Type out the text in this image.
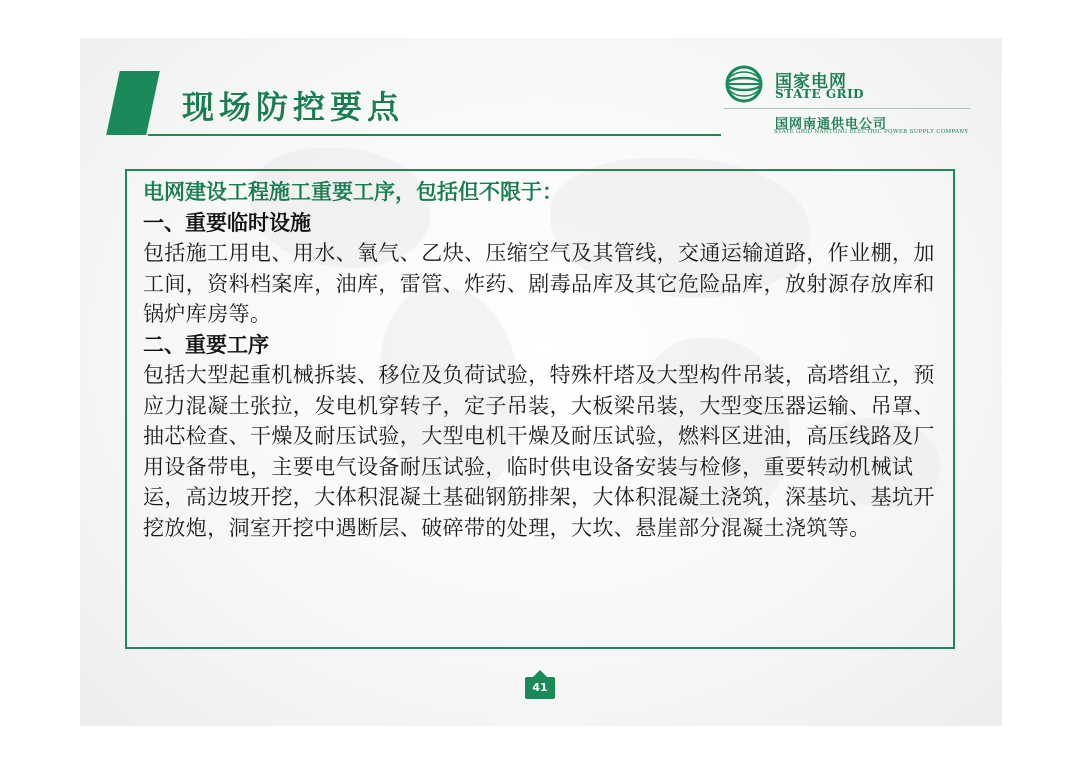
现场防控要点
国家电网
STATE GRID
国网南通供电公司
STATE GRID NANTONG ELECTRIC POWER SUPPLY COMPANY
电网建设工程施工重要工序，包括但不限于：
一、重要临时设施
包括施工用电、用水、氧气、乙炔、压缩空气及其管线，交通运输道路，作业棚，加工间，资料档案库，油库，雷管、炸药、剧毒品库及其它危险品库，放射源存放库和锅炉库房等。
二、重要工序
包括大型起重机械拆装、移位及负荷试验，特殊杆塔及大型构件吊装，高塔组立，预应力混凝土张拉，发电机穿转子，定子吊装，大板梁吊装，大型变压器运输、吊罩、抽芯检查、干燥及耐压试验，大型电机干燥及耐压试验，燃料区进油，高压线路及厂用设备带电，主要电气设备耐压试验，临时供电设备安装与检修，重要转动机械试运，高边坡开挖，大体积混凝土基础钢筋排架，大体积混凝土浇筑，深基坑、基坑开挖放炮，洞室开挖中遇断层、破碎带的处理，大坎、悬崖部分混凝土浇筑等。
41
